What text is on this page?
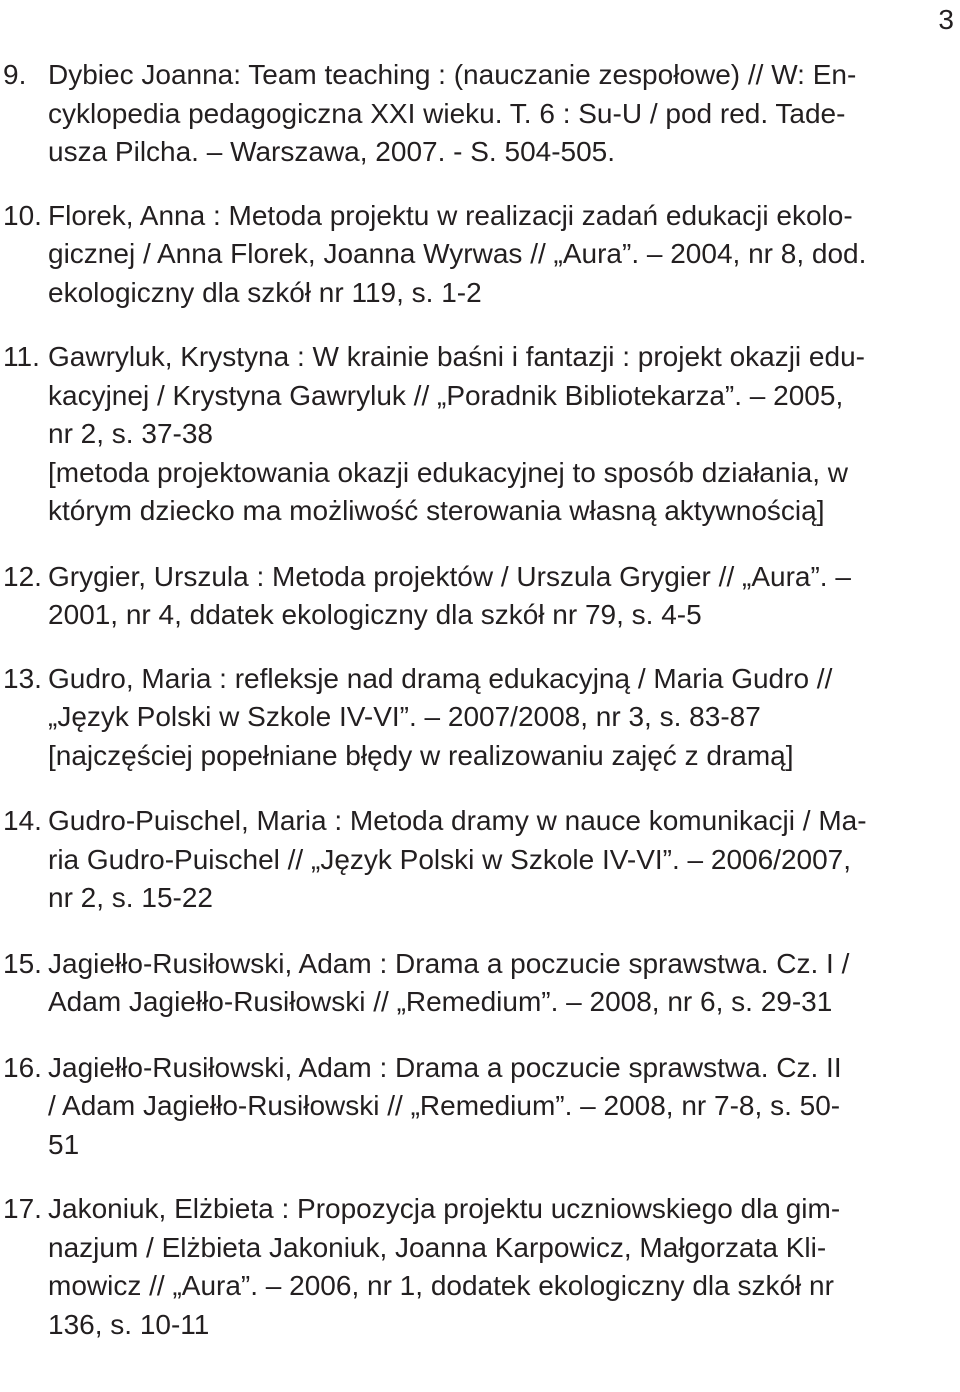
3
9. Dybiec Joanna: Team teaching : (nauczanie zespołowe) // W: En-
cyklopedia pedagogiczna XXI wieku. T. 6 : Su-U / pod red. Tade-
usza Pilcha. – Warszawa, 2007. - S. 504-505.
10. Florek, Anna : Metoda projektu w realizacji zadań edukacji ekolo-
gicznej / Anna Florek, Joanna Wyrwas // „Aura”. – 2004, nr 8, dod.
ekologiczny dla szkół nr 119, s. 1-2
11. Gawryluk, Krystyna : W krainie baśni i fantazji : projekt okazji edu-
kacyjnej / Krystyna Gawryluk // „Poradnik Bibliotekarza”. – 2005,
nr 2, s. 37-38
[metoda projektowania okazji edukacyjnej to sposób działania, w
którym dziecko ma możliwość sterowania własną aktywnością]
12. Grygier, Urszula : Metoda projektów / Urszula Grygier // „Aura”. –
2001, nr 4, ddatek ekologiczny dla szkół nr 79, s. 4-5
13. Gudro, Maria : refleksje nad dramą edukacyjną / Maria Gudro //
„Język Polski w Szkole IV-VI”. – 2007/2008, nr 3, s. 83-87
[najczęściej popełniane błędy w realizowaniu zajęć z dramą]
14. Gudro-Puischel, Maria : Metoda dramy w nauce komunikacji / Ma-
ria Gudro-Puischel // „Język Polski w Szkole IV-VI”. – 2006/2007,
nr 2, s. 15-22
15. Jagiełło-Rusiłowski, Adam : Drama a poczucie sprawstwa. Cz. I /
Adam Jagiełło-Rusiłowski // „Remedium”. – 2008, nr 6, s. 29-31
16. Jagiełło-Rusiłowski, Adam : Drama a poczucie sprawstwa. Cz. II
/ Adam Jagiełło-Rusiłowski // „Remedium”. – 2008, nr 7-8, s. 50-
51
17. Jakoniuk, Elżbieta : Propozycja projektu uczniowskiego dla gim-
nazjum / Elżbieta Jakoniuk, Joanna Karpowicz, Małgorzata Kli-
mowicz // „Aura”. – 2006, nr 1, dodatek ekologiczny dla szkół nr
136, s. 10-11
